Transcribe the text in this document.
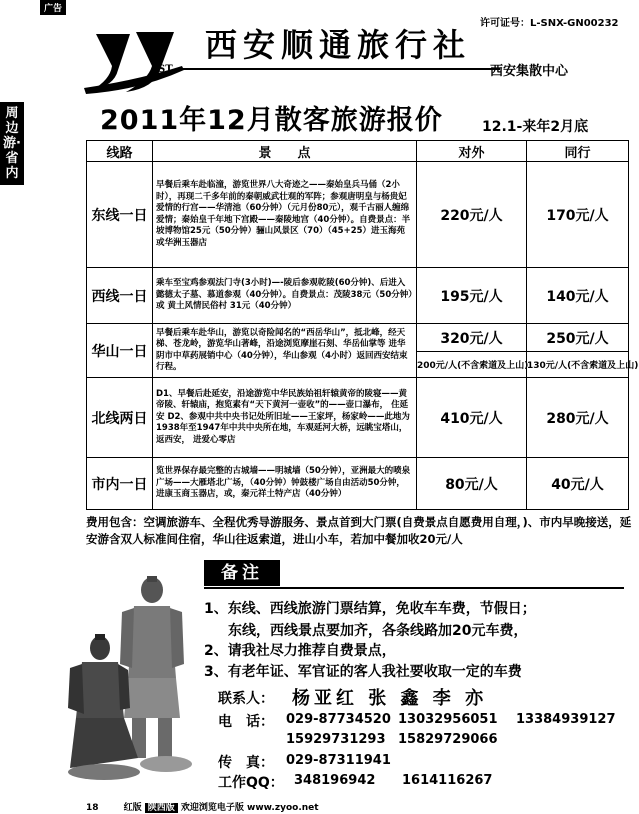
广告
许可证号：L-SNX-GN00232
周边游·省内
ST
西安顺通旅行社
西安集散中心
2011年12月散客旅游报价	12.1-来年2月底
线路	景　　点	对外	同行
东线一日	早餐后乘车赴临潼，游览世界八大奇迹之——秦始皇兵马俑（2小时），再现二千多年前的秦朝威武壮观的军阵；参观唐明皇与杨贵妃爱情的行宫——华清池（60分钟）（元月份80元），观千古丽人缠绵爱情；秦始皇千年地下宫殿——秦陵地宫（40分钟）。自费景点：半坡博物馆25元（50分钟）骊山风景区（70）（45+25）进玉海苑或华洲玉器店	220元/人	170元/人
西线一日	乘车至宝鸡参观法门寺(3小时)—-陵后参观乾陵(60分钟)、后进入懿德太子墓、慕道参观（40分钟）。自费景点：茂陵38元（50分钟）或 黄土风情民俗村 31元（40分钟）	195元/人	140元/人
华山一日	早餐后乘车赴华山，游览以奇险闻名的“西岳华山”，抵北峰，经天梯、苍龙岭，游览华山著峰，沿途浏览摩崖石刻、华岳仙掌等 进华阴市中草药展销中心（40分钟），华山参观（4小时）返回西安结束行程。	320元/人	250元/人
		200元/人(不含索道及上山)	130元/人(不含索道及上山)
北线两日	D1、早餐后赴延安，沿途游览中华民族始祖轩辕黄帝的陵寝——黄帝陵、轩辕庙，抱览素有“天下黄河一壶收”的——壶口瀑布， 住延安 D2、参观中共中央书记处所旧址——王家坪，杨家岭——此地为1938年至1947年中共中央所在地，车观延河大桥，远眺宝塔山，返西安， 进爱心零店	410元/人	280元/人
市内一日	览世界保存最完整的古城墙——明城墙（50分钟），亚洲最大的喷泉广场——大雁塔北广场，（40分钟）钟鼓楼广场自由活动50分钟，进康玉商玉器店，或，秦元祥土特产店（40分钟）	80元/人	40元/人
费用包含：空调旅游车、全程优秀导游服务、景点首到大门票(自费景点自愿费用自理，)、市内早晚接送，延安游含双人标准间住宿，华山往返索道，进山小车，若加中餐加收20元/人
备注
1、东线、西线旅游门票结算，免收车车费，节假日；
东线，西线景点要加齐，各条线路加20元车费，
2、请我社尽力推荐自费景点，
3、有老年证、军官证的客人我社要收取一定的车费
联系人： 杨亚红 张 鑫 李 亦
电　话： 029-87734520 13032956051 13384939127
15929731293 15829729066
传　真： 029-87311941
工作QQ： 348196942 1614116267
18	红版 陕西版 欢迎浏览电子版 www.zyoo.net
